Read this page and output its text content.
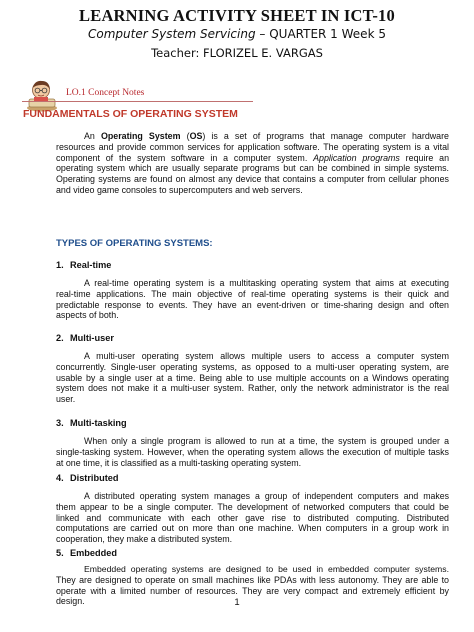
LEARNING ACTIVITY SHEET IN ICT-10
Computer System Servicing – QUARTER 1 Week 5
Teacher: FLORIZEL E. VARGAS
LO.1 Concept Notes
FUNDAMENTALS OF OPERATING SYSTEM
An Operating System (OS) is a set of programs that manage computer hardware
resources and provide common services for application software. The operating system is a vital
component of the system software in a computer system. Application programs require an
operating system which are usually separate programs but can be combined in simple systems.
Operating systems are found on almost any device that contains a computer from cellular phones
and video game consoles to supercomputers and web servers.
TYPES OF OPERATING SYSTEMS:
1. Real-time
A real-time operating system is a multitasking operating system that aims at executing
real-time applications. The main objective of real-time operating systems is their quick and
predictable response to events. They have an event-driven or time-sharing design and often
aspects of both.
2. Multi-user
A multi-user operating system allows multiple users to access a computer system
concurrently. Single-user operating systems, as opposed to a multi-user operating system, are
usable by a single user at a time. Being able to use multiple accounts on a Windows operating
system does not make it a multi-user system. Rather, only the network administrator is the real
user.
3. Multi-tasking
When only a single program is allowed to run at a time, the system is grouped under a
single-tasking system. However, when the operating system allows the execution of multiple tasks
at one time, it is classified as a multi-tasking operating system.
4. Distributed
A distributed operating system manages a group of independent computers and makes
them appear to be a single computer. The development of networked computers that could be
linked and communicate with each other gave rise to distributed computing. Distributed
computations are carried out on more than one machine. When computers in a group work in
cooperation, they make a distributed system.
5. Embedded
Embedded operating systems are designed to be used in embedded computer systems.
They are designed to operate on small machines like PDAs with less autonomy. They are able to
operate with a limited number of resources. They are very compact and extremely efficient by
design.	1
